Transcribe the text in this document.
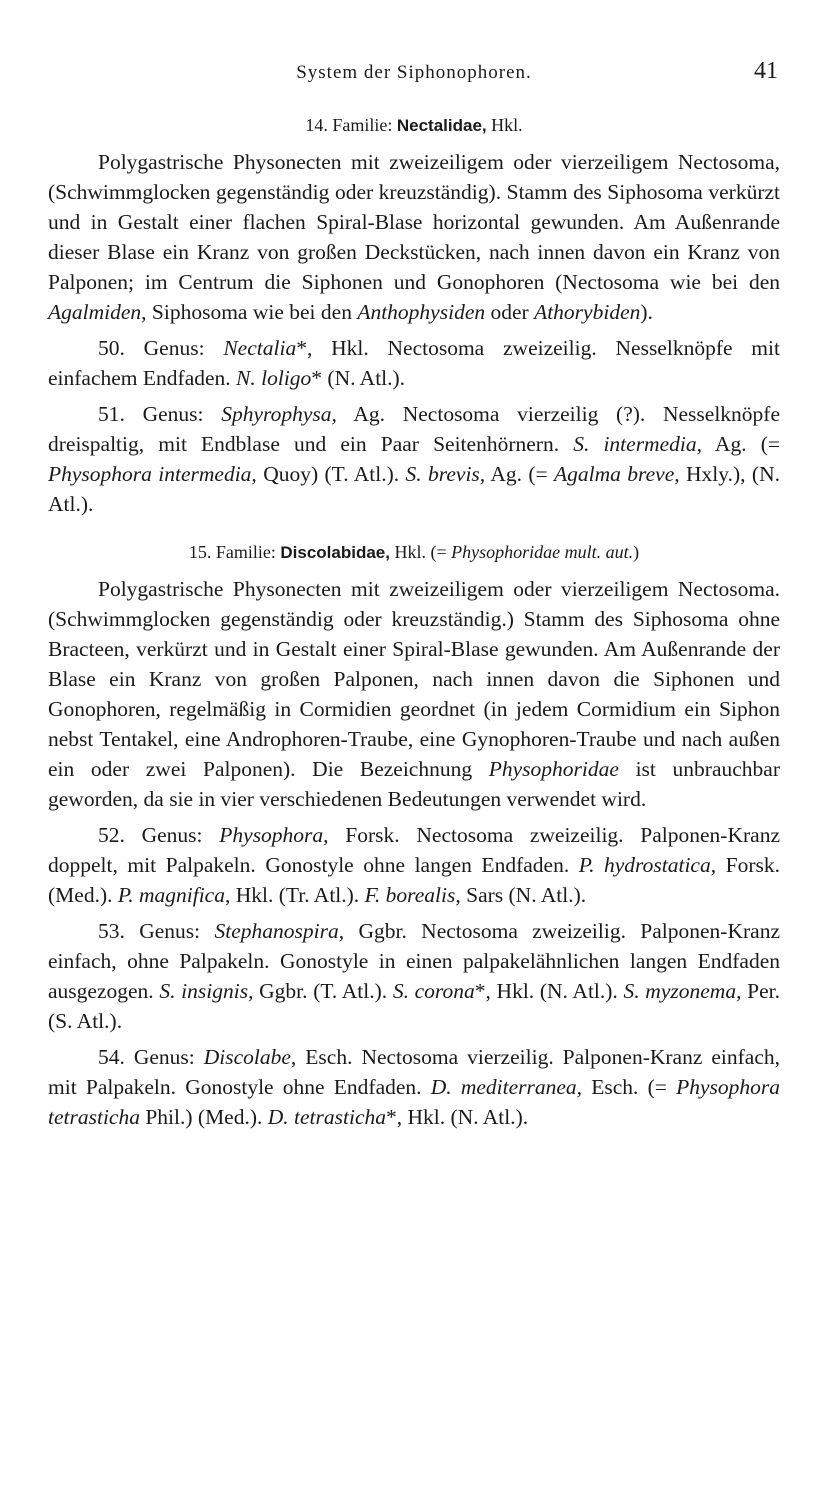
System der Siphonophoren.	41
14. Familie: Nectalidae, Hkl.

Polygastrische Physonecten mit zweizeiligem oder vierzeiligem Nectosoma, (Schwimmglocken gegenständig oder kreuzständig). Stamm des Siphosoma verkürzt und in Gestalt einer flachen Spiral-Blase horizontal gewunden. Am Außenrande dieser Blase ein Kranz von großen Deckstücken, nach innen davon ein Kranz von Palponen; im Centrum die Siphonen und Gonophoren (Nectosoma wie bei den Agalmiden, Siphosoma wie bei den Anthophysiden oder Athorybiden).

50. Genus: Nectalia*, Hkl. Nectosoma zweizeilig. Nesselknöpfe mit einfachem Endfaden. N. loligo* (N. Atl.).

51. Genus: Sphyrophysa, Ag. Nectosoma vierzeilig (?). Nesselknöpfe dreispaltig, mit Endblase und ein Paar Seitenhörnern. S. intermedia, Ag. (= Physophora intermedia, Quoy) (T. Atl.). S. brevis, Ag. (= Agalma breve, Hxly.), (N. Atl.).

15. Familie: Discolabidae, Hkl. (= Physophoridae mult. aut.)

Polygastrische Physonecten mit zweizeiligem oder vierzeiligem Nectosoma. (Schwimmglocken gegenständig oder kreuzständig.) Stamm des Siphosoma ohne Bracteen, verkürzt und in Gestalt einer Spiral-Blase gewunden. Am Außenrande der Blase ein Kranz von großen Palponen, nach innen davon die Siphonen und Gonophoren, regelmäßig in Cormidien geordnet (in jedem Cormidium ein Siphon nebst Tentakel, eine Androphoren-Traube, eine Gynophoren-Traube und nach außen ein oder zwei Palponen). Die Bezeichnung Physophoridae ist unbrauchbar geworden, da sie in vier verschiedenen Bedeutungen verwendet wird.

52. Genus: Physophora, Forsk. Nectosoma zweizeilig. Palponen-Kranz doppelt, mit Palpakeln. Gonostyle ohne langen Endfaden. P. hydrostatica, Forsk. (Med.). P. magnifica, Hkl. (Tr. Atl.). F. borealis, Sars (N. Atl.).

53. Genus: Stephanospira, Ggbr. Nectosoma zweizeilig. Palponen-Kranz einfach, ohne Palpakeln. Gonostyle in einen palpakelähnlichen langen Endfaden ausgezogen. S. insignis, Ggbr. (T. Atl.). S. corona*, Hkl. (N. Atl.). S. myzonema, Per. (S. Atl.).

54. Genus: Discolabe, Esch. Nectosoma vierzeilig. Palponen-Kranz einfach, mit Palpakeln. Gonostyle ohne Endfaden. D. mediterranea, Esch. (= Physophora tetrasticha Phil.) (Med.). D. tetrasticha*, Hkl. (N. Atl.).
